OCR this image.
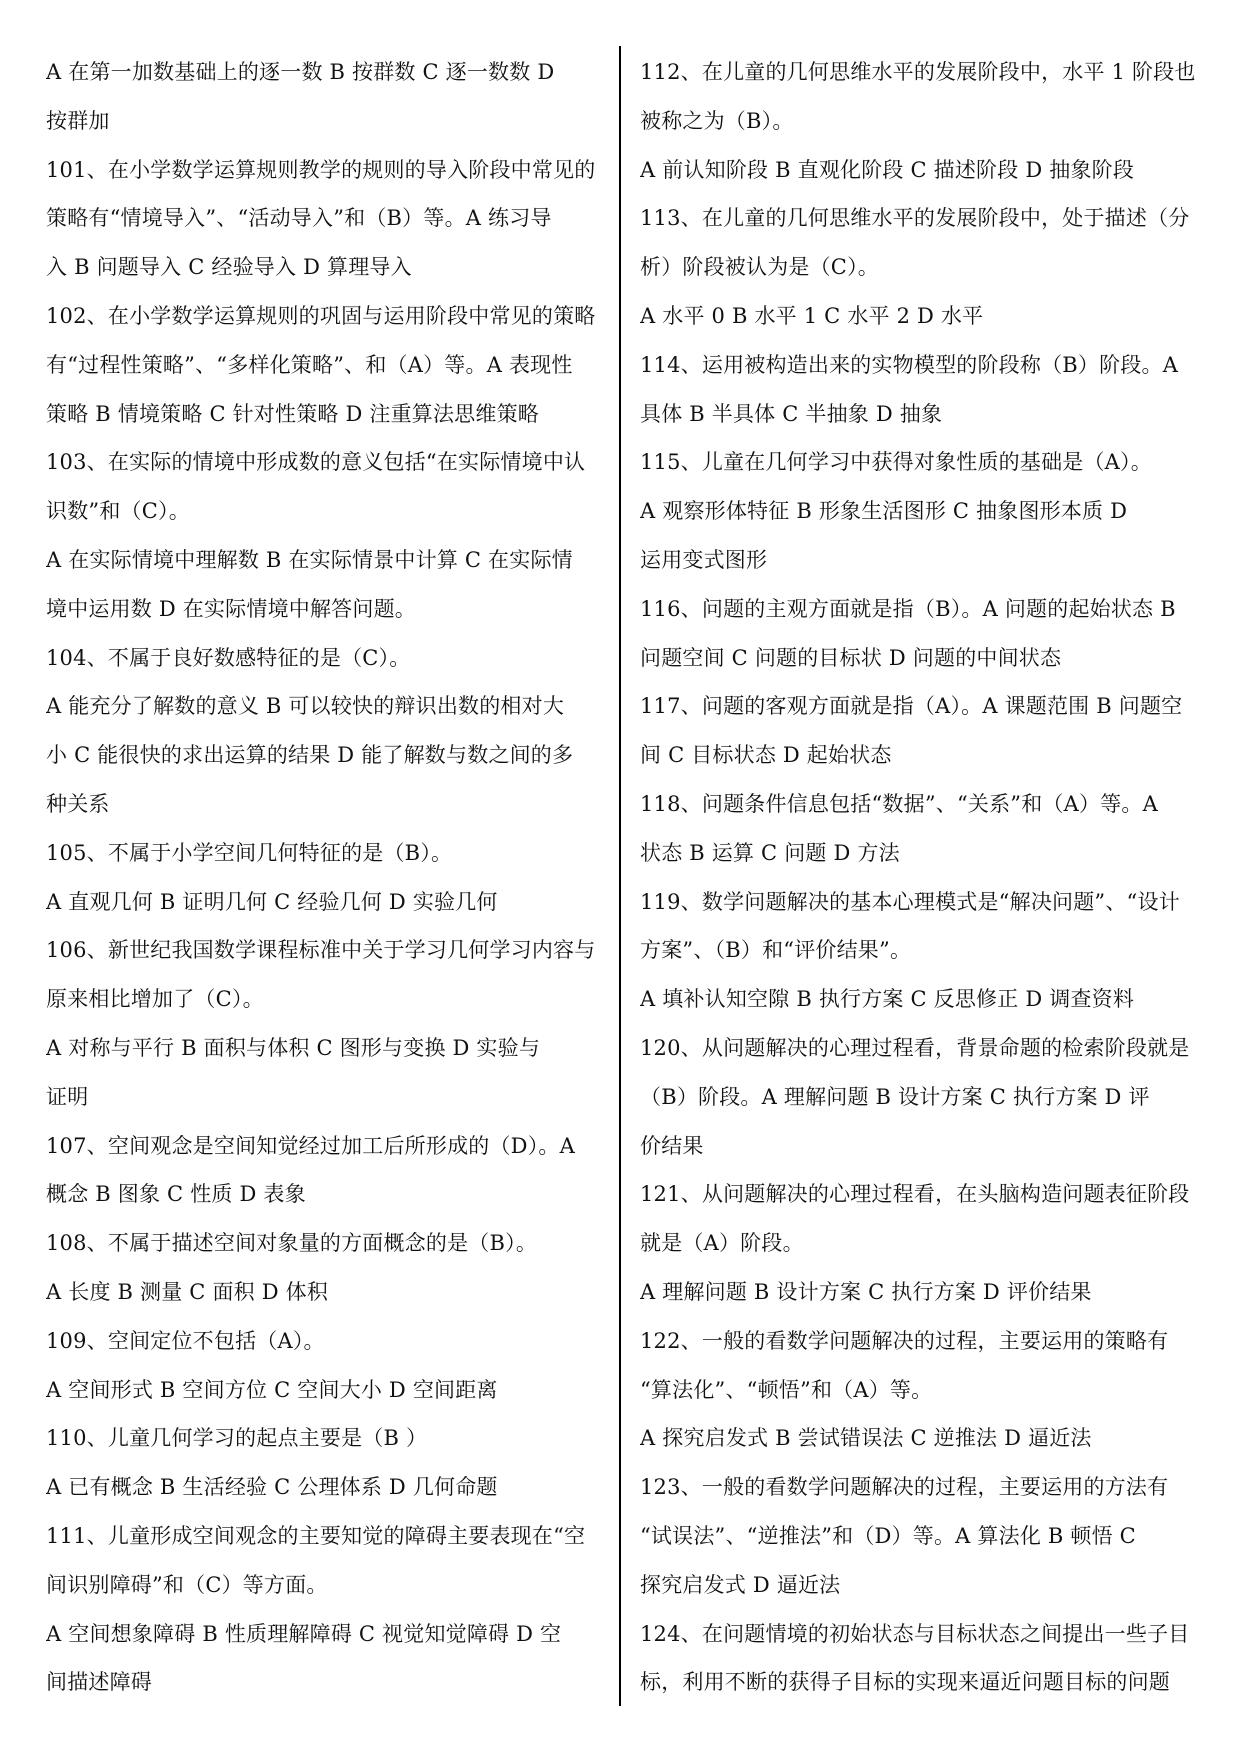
A 在第一加数基础上的逐一数 B 按群数 C 逐一数数 D
按群加
101、在小学数学运算规则教学的规则的导入阶段中常见的
策略有“情境导入”、“活动导入”和（B）等。A 练习导
入 B 问题导入 C 经验导入 D 算理导入
102、在小学数学运算规则的巩固与运用阶段中常见的策略
有“过程性策略”、“多样化策略”、和（A）等。A 表现性
策略 B 情境策略 C 针对性策略 D 注重算法思维策略
103、在实际的情境中形成数的意义包括“在实际情境中认
识数”和（C）。
A 在实际情境中理解数 B 在实际情景中计算 C 在实际情
境中运用数 D 在实际情境中解答问题。
104、不属于良好数感特征的是（C）。
A 能充分了解数的意义 B 可以较快的辩识出数的相对大
小 C 能很快的求出运算的结果 D 能了解数与数之间的多
种关系
105、不属于小学空间几何特征的是（B）。
A 直观几何 B 证明几何 C 经验几何 D 实验几何
106、新世纪我国数学课程标准中关于学习几何学习内容与
原来相比增加了（C）。
A 对称与平行 B 面积与体积 C 图形与变换 D 实验与
证明
107、空间观念是空间知觉经过加工后所形成的（D）。A
概念 B 图象 C 性质 D 表象
108、不属于描述空间对象量的方面概念的是（B）。
A 长度 B 测量 C 面积 D 体积
109、空间定位不包括（A）。
A 空间形式 B 空间方位 C 空间大小 D 空间距离
110、儿童几何学习的起点主要是（B ）
A 已有概念 B 生活经验 C 公理体系 D 几何命题
111、儿童形成空间观念的主要知觉的障碍主要表现在“空
间识别障碍”和（C）等方面。
A 空间想象障碍 B 性质理解障碍 C 视觉知觉障碍 D 空
间描述障碍
112、在儿童的几何思维水平的发展阶段中，水平 1 阶段也
被称之为（B）。
A 前认知阶段 B 直观化阶段 C 描述阶段 D 抽象阶段
113、在儿童的几何思维水平的发展阶段中，处于描述（分
析）阶段被认为是（C）。
A 水平 0 B 水平 1 C 水平 2 D 水平
114、运用被构造出来的实物模型的阶段称（B）阶段。A
具体 B 半具体 C 半抽象 D 抽象
115、儿童在几何学习中获得对象性质的基础是（A）。
A 观察形体特征 B 形象生活图形 C 抽象图形本质 D
运用变式图形
116、问题的主观方面就是指（B）。A 问题的起始状态 B
问题空间 C 问题的目标状 D 问题的中间状态
117、问题的客观方面就是指（A）。A 课题范围 B 问题空
间 C 目标状态 D 起始状态
118、问题条件信息包括“数据”、“关系”和（A）等。A
状态 B 运算 C 问题 D 方法
119、数学问题解决的基本心理模式是“解决问题”、“设计
方案”、（B）和“评价结果”。
A 填补认知空隙 B 执行方案 C 反思修正 D 调查资料
120、从问题解决的心理过程看，背景命题的检索阶段就是
（B）阶段。A 理解问题 B 设计方案 C 执行方案 D 评
价结果
121、从问题解决的心理过程看，在头脑构造问题表征阶段
就是（A）阶段。
A 理解问题 B 设计方案 C 执行方案 D 评价结果
122、一般的看数学问题解决的过程，主要运用的策略有
“算法化”、“顿悟”和（A）等。
A 探究启发式 B 尝试错误法 C 逆推法 D 逼近法
123、一般的看数学问题解决的过程，主要运用的方法有
“试误法”、“逆推法”和（D）等。A 算法化 B 顿悟 C
探究启发式 D 逼近法
124、在问题情境的初始状态与目标状态之间提出一些子目
标，利用不断的获得子目标的实现来逼近问题目标的问题
